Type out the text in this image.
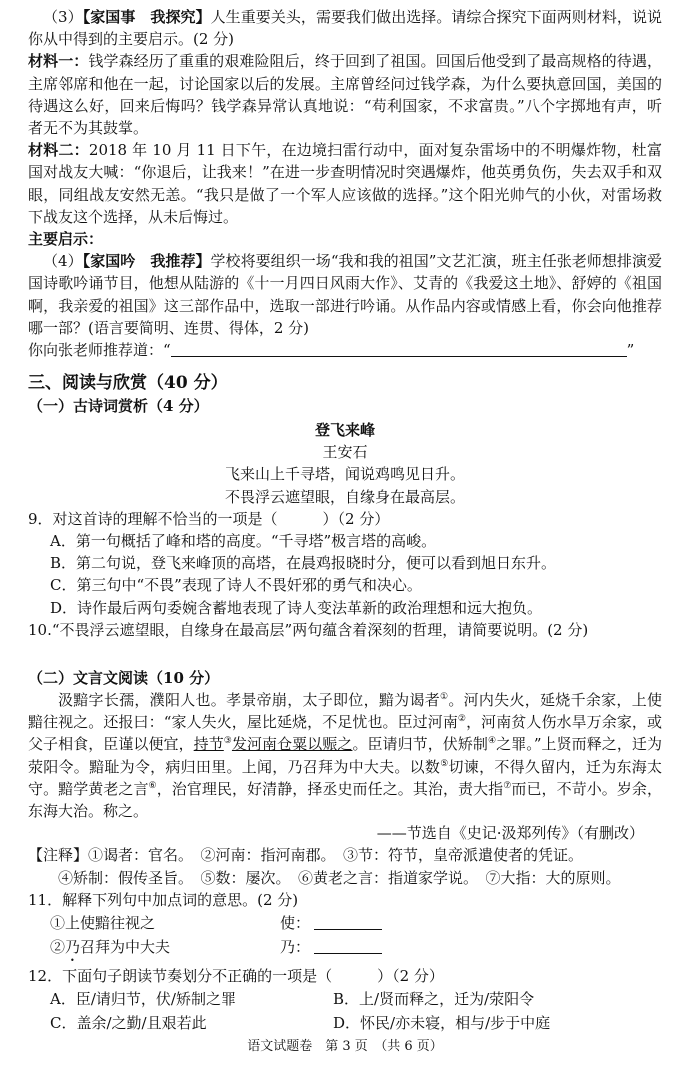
（3）【家国事　我探究】人生重要关头，需要我们做出选择。请综合探究下面两则材料，说说你从中得到的主要启示。(2 分)
材料一：钱学森经历了重重的艰难险阻后，终于回到了祖国。回国后他受到了最高规格的待遇，主席邻席和他在一起，讨论国家以后的发展。主席曾经问过钱学森，为什么要执意回国，美国的待遇这么好，回来后悔吗？钱学森异常认真地说：“苟利国家，不求富贵。”八个字掷地有声，听者无不为其鼓掌。
材料二：2018 年 10 月 11 日下午，在边境扫雷行动中，面对复杂雷场中的不明爆炸物，杜富国对战友大喊：“你退后，让我来！”在进一步查明情况时突遇爆炸，他英勇负伤，失去双手和双眼，同组战友安然无恙。“我只是做了一个军人应该做的选择。”这个阳光帅气的小伙，对雷场救下战友这个选择，从未后悔过。
主要启示：
（4）【家国吟　我推荐】学校将要组织一场“我和我的祖国”文艺汇演，班主任张老师想排演爱国诗歌吟诵节目，他想从陆游的《十一月四日风雨大作》、艾青的《我爱这土地》、舒婷的《祖国啊，我亲爱的祖国》这三部作品中，选取一部进行吟诵。从作品内容或情感上看，你会向他推荐哪一部？(语言要简明、连贯、得体，2 分)
你向张老师推荐道：“	”
三、阅读与欣赏（40 分）
（一）古诗词赏析（4 分）
登飞来峰
王安石
飞来山上千寻塔，闻说鸡鸣见日升。
不畏浮云遮望眼，自缘身在最高层。
9．对这首诗的理解不恰当的一项是（　　　）（2 分）
A．第一句概括了峰和塔的高度。“千寻塔”极言塔的高峻。
B．第二句说，登飞来峰顶的高塔，在晨鸡报晓时分，便可以看到旭日东升。
C．第三句中“不畏”表现了诗人不畏奸邪的勇气和决心。
D．诗作最后两句委婉含蓄地表现了诗人变法革新的政治理想和远大抱负。
10.“不畏浮云遮望眼，自缘身在最高层”两句蕴含着深刻的哲理，请简要说明。(2 分)
（二）文言文阅读（10 分）
汲黯字长孺，濮阳人也。孝景帝崩，太子即位，黯为谒者①。河内失火，延烧千余家，上使黯往视之。还报曰：“家人失火，屋比延烧，不足忧也。臣过河南②，河南贫人伤水旱万余家，或父子相食，臣谨以便宜，持节③发河南仓粟以赈之。臣请归节，伏矫制④之罪。”上贤而释之，迁为荥阳令。黯耻为令，病归田里。上闻，乃召拜为中大夫。以数⑤切谏，不得久留内，迁为东海太守。黯学黄老之言⑥，治官理民，好清静，择丞史而任之。其治，责大指⑦而已，不苛小。岁余，东海大治。称之。
——节选自《史记·汲郑列传》（有删改）
【注释】①谒者：官名。　②河南：指河南郡。　③节：符节，皇帝派遣使者的凭证。
④矫制：假传圣旨。　⑤数：屡次。　⑥黄老之言：指道家学说。　⑦大指：大的原则。
11．解释下列句中加点词的意思。(2 分)
①上使黯往视之	使：
②乃召拜为中大夫	乃：
12．下面句子朗读节奏划分不正确的一项是（　　　）（2 分）
A．臣/请归节，伏/矫制之罪	B．上/贤而释之，迁为/荥阳令
C．盖余/之勤/且艰若此	D．怀民/亦未寝，相与/步于中庭
语文试题卷　第 3 页　（共 6 页）
